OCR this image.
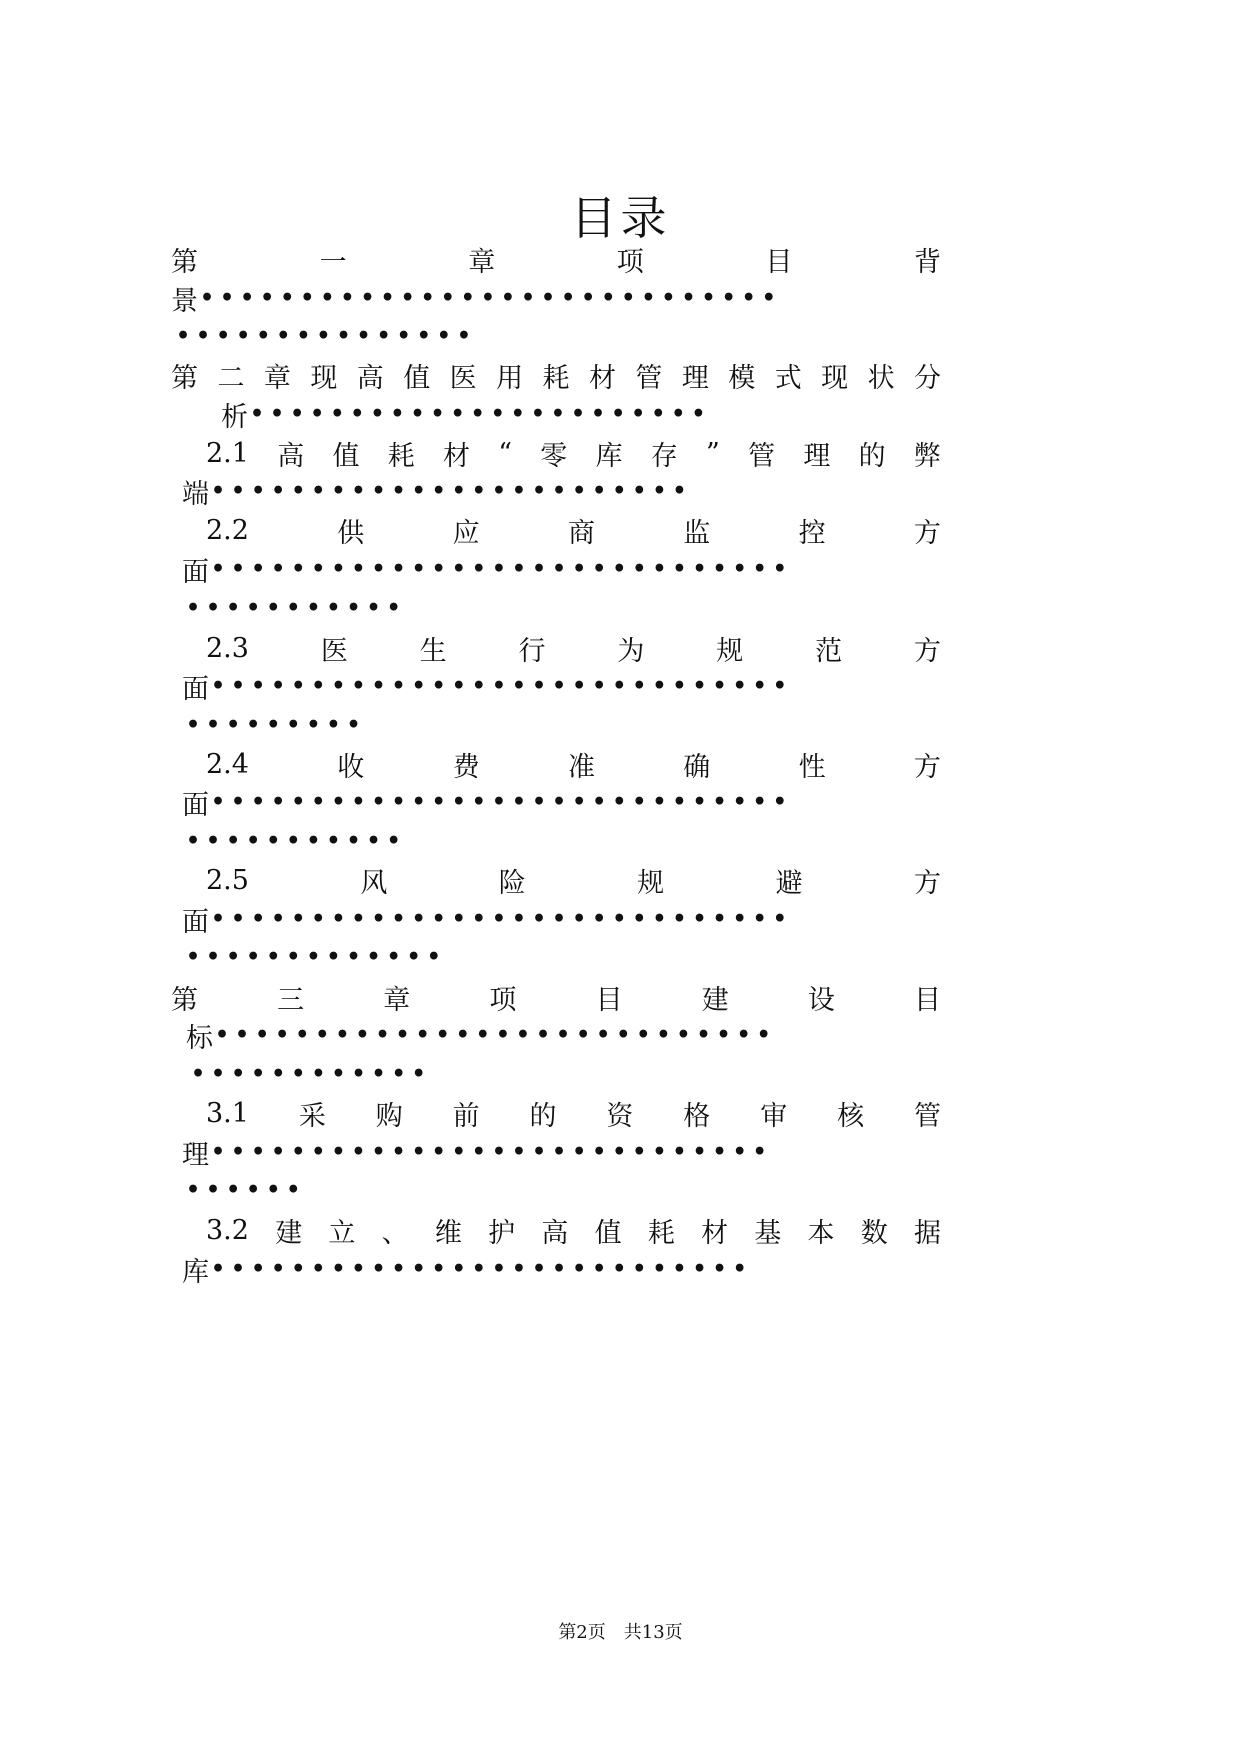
目录
第	一	章	项	目	背
景 •••••••••••••••••••••••••••••
•••••••••••••••
第 二 章 现 高 值 医 用 耗 材 管 理 模 式 现 状 分
析 •••••••••••••••••••••••
2.1 高 值 耗 材 “ 零 库 存 ” 管 理 的 弊
端 ••••••••••••••••••••••••
2.2	供	应	商	监	控	方
面 •••••••••••••••••••••••••••••
•••••••••••
2.3	医	生	行	为	规	范	方
面 •••••••••••••••••••••••••••••
•••••••••
2.4	收	费	准	确	性	方
面 •••••••••••••••••••••••••••••
•••••••••••
2.5	风	险	规	避	方
面 •••••••••••••••••••••••••••••
•••••••••••••
第	三	章	项	目	建	设	目
标 ••••••••••••••••••••••••••••
••••••••••••
3.1 采 购 前 的 资 格 审 核 管
理 ••••••••••••••••••••••••••••
••••••
3.2 建 立 、 维 护 高 值 耗 材 基 本 数 据
库 •••••••••••••••••••••••••••
第2页　共13页
